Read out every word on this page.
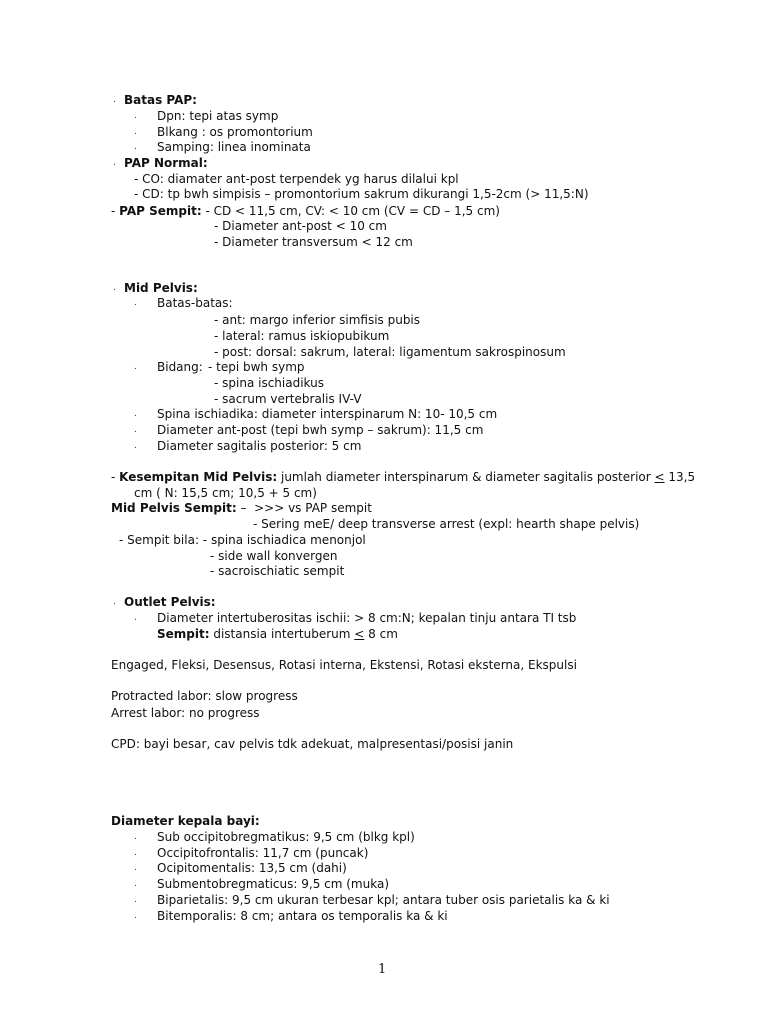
. Batas PAP:
. Dpn: tepi atas symp
. Blkang : os promontorium
. Samping: linea inominata
. PAP Normal:
- CO: diamater ant-post terpendek yg harus dilalui kpl
- CD: tp bwh simpisis – promontorium sakrum dikurangi 1,5-2cm (> 11,5:N)
- PAP Sempit: - CD < 11,5 cm, CV: < 10 cm (CV = CD – 1,5 cm)
- Diameter ant-post < 10 cm
- Diameter transversum < 12 cm
. Mid Pelvis:
. Batas-batas:
- ant: margo inferior simfisis pubis
- lateral: ramus iskiopubikum
- post: dorsal: sakrum, lateral: ligamentum sakrospinosum
. Bidang: - tepi bwh symp
- spina ischiadikus
- sacrum vertebralis IV-V
. Spina ischiadika: diameter interspinarum N: 10- 10,5 cm
. Diameter ant-post (tepi bwh symp – sakrum): 11,5 cm
. Diameter sagitalis posterior: 5 cm
- Kesempitan Mid Pelvis: jumlah diameter interspinarum & diameter sagitalis posterior ≤ 13,5
cm ( N: 15,5 cm; 10,5 + 5 cm)
Mid Pelvis Sempit: –  >>> vs PAP sempit
- Sering meE/ deep transverse arrest (expl: hearth shape pelvis)
- Sempit bila: - spina ischiadica menonjol
- side wall konvergen
- sacroischiatic sempit
. Outlet Pelvis:
. Diameter intertuberositas ischii: > 8 cm:N; kepalan tinju antara TI tsb
Sempit: distansia intertuberum ≤ 8 cm
Engaged, Fleksi, Desensus, Rotasi interna, Ekstensi, Rotasi eksterna, Ekspulsi
Protracted labor: slow progress
Arrest labor: no progress
CPD: bayi besar, cav pelvis tdk adekuat, malpresentasi/posisi janin
Diameter kepala bayi:
. Sub occipitobregmatikus: 9,5 cm (blkg kpl)
. Occipitofrontalis: 11,7 cm (puncak)
. Ocipitomentalis: 13,5 cm (dahi)
. Submentobregmaticus: 9,5 cm (muka)
. Biparietalis: 9,5 cm ukuran terbesar kpl; antara tuber osis parietalis ka & ki
. Bitemporalis: 8 cm; antara os temporalis ka & ki
1
